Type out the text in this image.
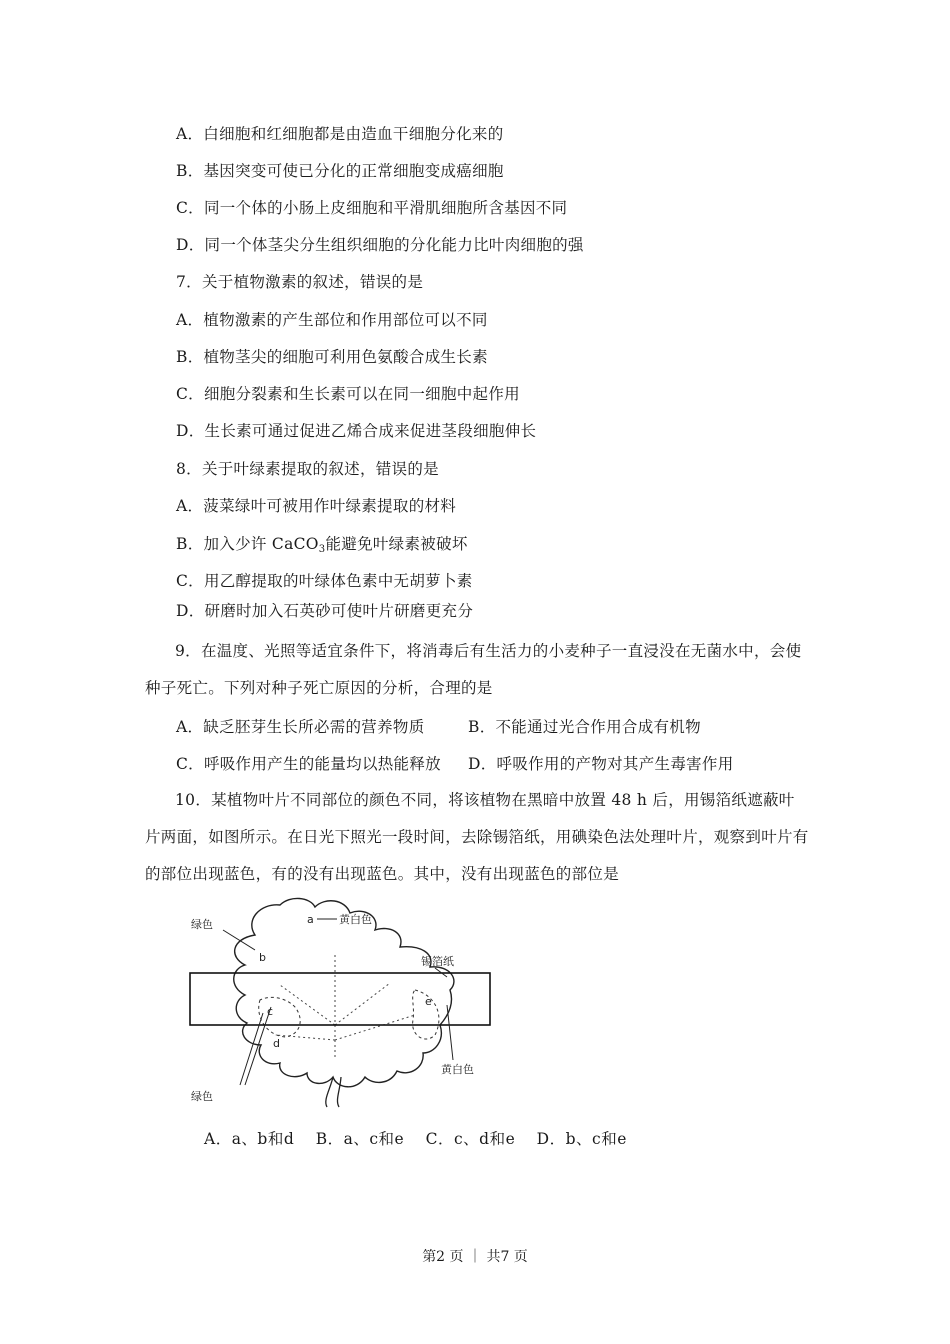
A．白细胞和红细胞都是由造血干细胞分化来的
B．基因突变可使已分化的正常细胞变成癌细胞
C．同一个体的小肠上皮细胞和平滑肌细胞所含基因不同
D．同一个体茎尖分生组织细胞的分化能力比叶肉细胞的强
7．关于植物激素的叙述，错误的是
A．植物激素的产生部位和作用部位可以不同
B．植物茎尖的细胞可利用色氨酸合成生长素
C．细胞分裂素和生长素可以在同一细胞中起作用
D．生长素可通过促进乙烯合成来促进茎段细胞伸长
8．关于叶绿素提取的叙述，错误的是
A．菠菜绿叶可被用作叶绿素提取的材料
B．加入少许 CaCO$_3$能避免叶绿素被破坏
C．用乙醇提取的叶绿体色素中无胡萝卜素
D．研磨时加入石英砂可使叶片研磨更充分
9．在温度、光照等适宜条件下，将消毒后有生活力的小麦种子一直浸没在无菌水中，会使种子死亡。下列对种子死亡原因的分析，合理的是
A．缺乏胚芽生长所必需的营养物质	B．不能通过光合作用合成有机物
C．呼吸作用产生的能量均以热能释放 D．呼吸作用的产物对其产生毒害作用
10．某植物叶片不同部位的颜色不同，将该植物在黑暗中放置 48 h 后，用锡箔纸遮蔽叶片两面，如图所示。在日光下照光一段时间，去除锡箔纸，用碘染色法处理叶片，观察到叶片有的部位出现蓝色，有的没有出现蓝色。其中，没有出现蓝色的部位是
绿色	黄白色
a
b	锡箔纸
c
d
e
黄白色
绿色
A．a、b和d　 B．a、c和e　 C．c、d和e　 D．b、c和e
第2 页 ｜ 共7 页
